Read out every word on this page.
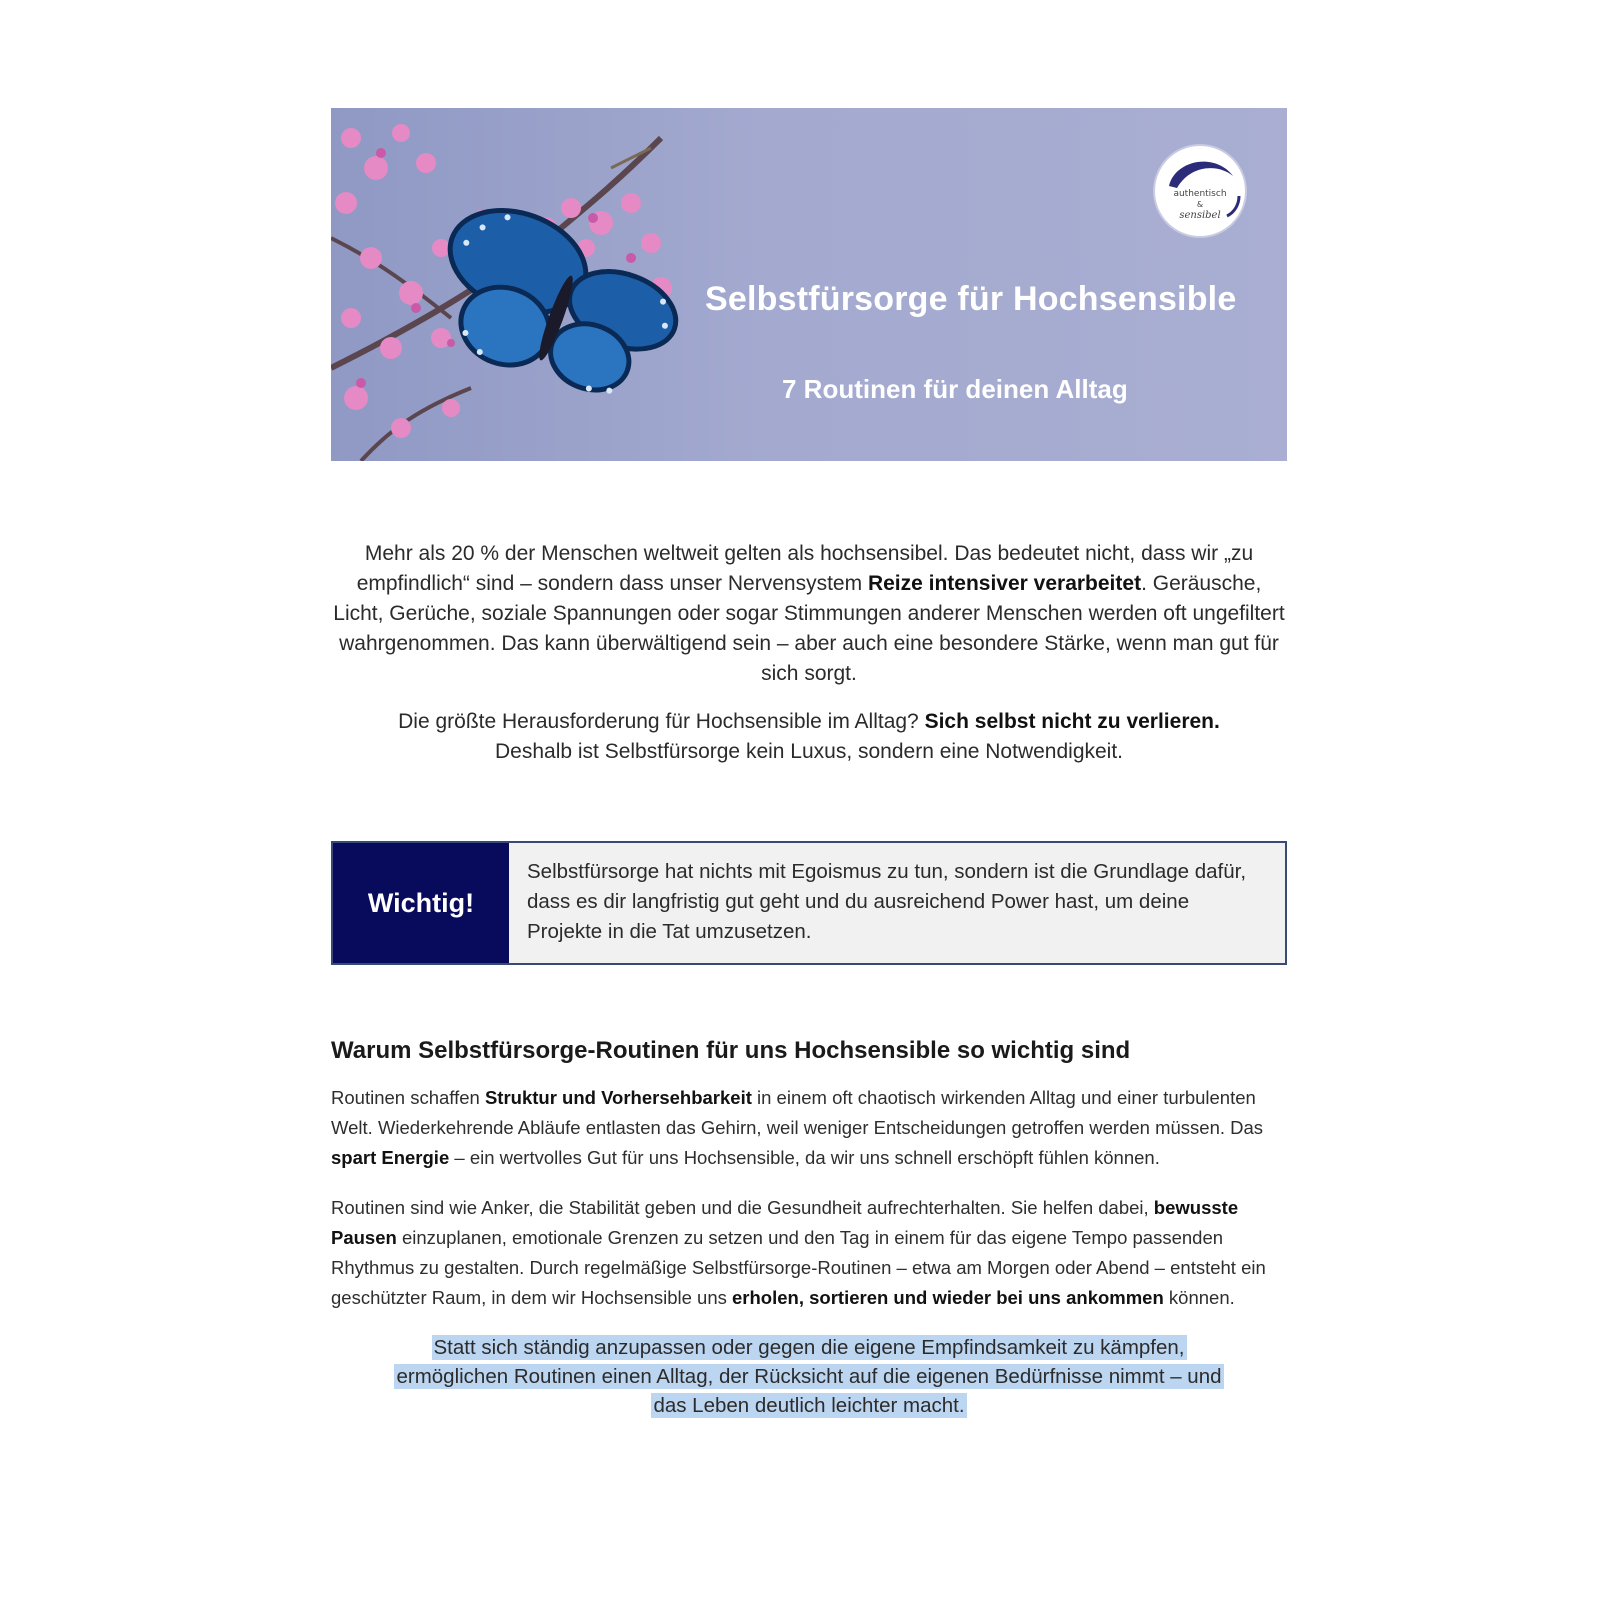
authentisch
&
sensibel
Selbstfürsorge für Hochsensible
7 Routinen für deinen Alltag

Mehr als 20 % der Menschen weltweit gelten als hochsensibel. Das bedeutet nicht, dass wir „zu empfindlich“ sind – sondern dass unser Nervensystem Reize intensiver verarbeitet. Geräusche, Licht, Gerüche, soziale Spannungen oder sogar Stimmungen anderer Menschen werden oft ungefiltert wahrgenommen. Das kann überwältigend sein – aber auch eine besondere Stärke, wenn man gut für sich sorgt.

Die größte Herausforderung für Hochsensible im Alltag? Sich selbst nicht zu verlieren.
Deshalb ist Selbstfürsorge kein Luxus, sondern eine Notwendigkeit.

Wichtig!
Selbstfürsorge hat nichts mit Egoismus zu tun, sondern ist die Grundlage dafür, dass es dir langfristig gut geht und du ausreichend Power hast, um deine Projekte in die Tat umzusetzen.
Warum Selbstfürsorge-Routinen für uns Hochsensible so wichtig sind

Routinen schaffen Struktur und Vorhersehbarkeit in einem oft chaotisch wirkenden Alltag und einer turbulenten Welt. Wiederkehrende Abläufe entlasten das Gehirn, weil weniger Entscheidungen getroffen werden müssen. Das spart Energie – ein wertvolles Gut für uns Hochsensible, da wir uns schnell erschöpft fühlen können.

Routinen sind wie Anker, die Stabilität geben und die Gesundheit aufrechterhalten. Sie helfen dabei, bewusste Pausen einzuplanen, emotionale Grenzen zu setzen und den Tag in einem für das eigene Tempo passenden Rhythmus zu gestalten. Durch regelmäßige Selbstfürsorge-Routinen – etwa am Morgen oder Abend – entsteht ein geschützter Raum, in dem wir Hochsensible uns erholen, sortieren und wieder bei uns ankommen können.

Statt sich ständig anzupassen oder gegen die eigene Empfindsamkeit zu kämpfen,
ermöglichen Routinen einen Alltag, der Rücksicht auf die eigenen Bedürfnisse nimmt – und
das Leben deutlich leichter macht.
